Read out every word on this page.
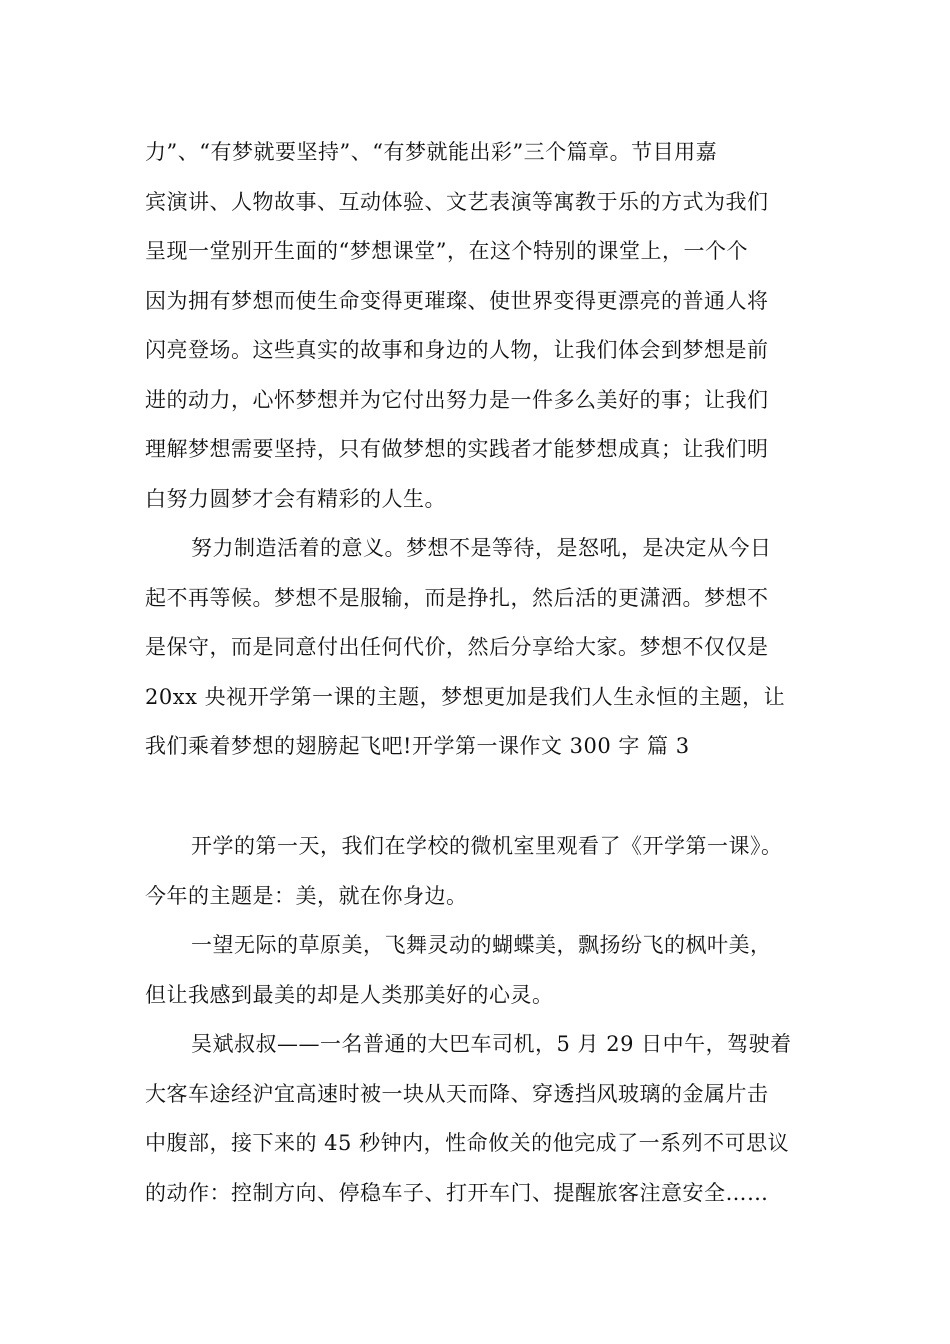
力”、“有梦就要坚持”、“有梦就能出彩”三个篇章。节目用嘉
宾演讲、人物故事、互动体验、文艺表演等寓教于乐的方式为我们
呈现一堂别开生面的“梦想课堂”，在这个特别的课堂上，一个个
因为拥有梦想而使生命变得更璀璨、使世界变得更漂亮的普通人将
闪亮登场。这些真实的故事和身边的人物，让我们体会到梦想是前
进的动力，心怀梦想并为它付出努力是一件多么美好的事；让我们
理解梦想需要坚持，只有做梦想的实践者才能梦想成真；让我们明
白努力圆梦才会有精彩的人生。
努力制造活着的意义。梦想不是等待，是怒吼，是决定从今日
起不再等候。梦想不是服输，而是挣扎，然后活的更潇洒。梦想不
是保守，而是同意付出任何代价，然后分享给大家。梦想不仅仅是
20xx 央视开学第一课的主题，梦想更加是我们人生永恒的主题，让
我们乘着梦想的翅膀起飞吧!开学第一课作文 300 字 篇 3
开学的第一天，我们在学校的微机室里观看了《开学第一课》。
今年的主题是：美，就在你身边。
一望无际的草原美，飞舞灵动的蝴蝶美，飘扬纷飞的枫叶美，
但让我感到最美的却是人类那美好的心灵。
吴斌叔叔——一名普通的大巴车司机，5 月 29 日中午，驾驶着
大客车途经沪宜高速时被一块从天而降、穿透挡风玻璃的金属片击
中腹部，接下来的 45 秒钟内，性命攸关的他完成了一系列不可思议
的动作：控制方向、停稳车子、打开车门、提醒旅客注意安全……
